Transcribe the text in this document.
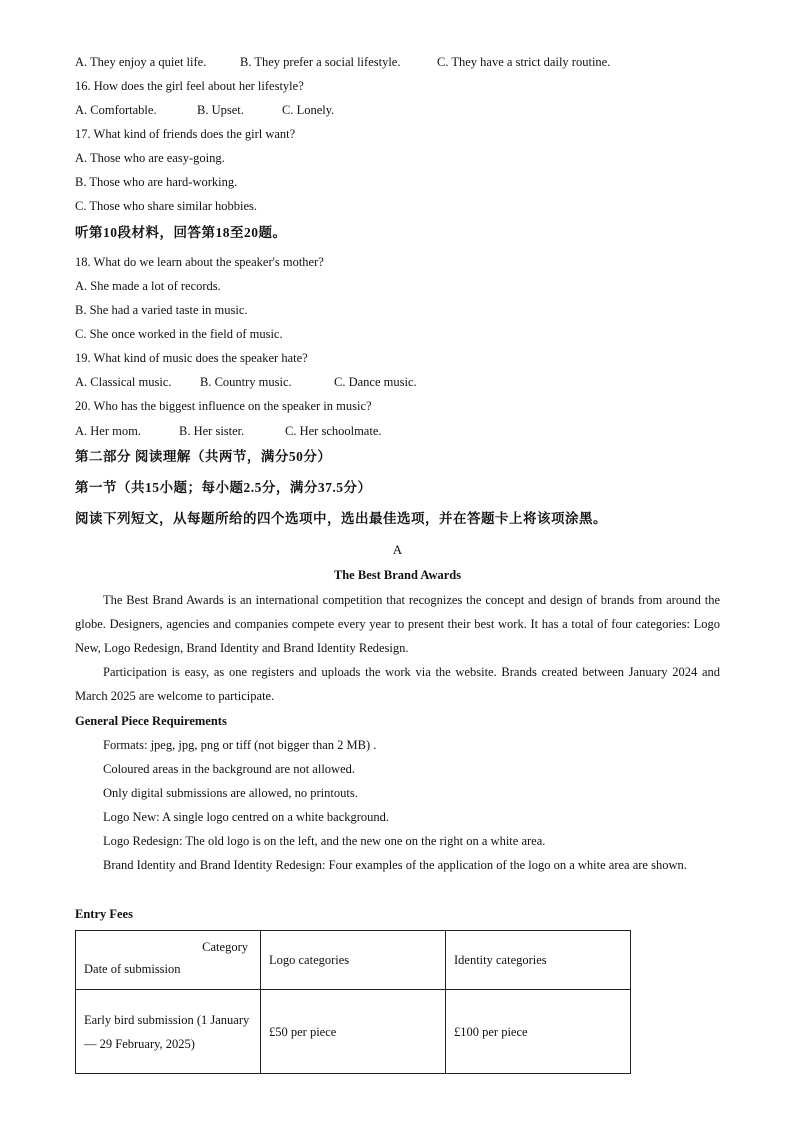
A. They enjoy a quiet life.	B. They prefer a social lifestyle.	C. They have a strict daily routine.
16. How does the girl feel about her lifestyle?
A. Comfortable.	B. Upset.	C. Lonely.
17. What kind of friends does the girl want?
A. Those who are easy-going.
B. Those who are hard-working.
C. Those who share similar hobbies.
听第10段材料，回答第18至20题。
18. What do we learn about the speaker's mother?
A. She made a lot of records.
B. She had a varied taste in music.
C. She once worked in the field of music.
19. What kind of music does the speaker hate?
A. Classical music. B. Country music.	C. Dance music.
20. Who has the biggest influence on the speaker in music?
A. Her mom.	B. Her sister.	C. Her schoolmate.
第二部分 阅读理解（共两节，满分50分）
第一节（共15小题；每小题2.5分，满分37.5分）
阅读下列短文，从每题所给的四个选项中，选出最佳选项，并在答题卡上将该项涂黑。
A
The Best Brand Awards
The Best Brand Awards is an international competition that recognizes the concept and design of brands from around the globe. Designers, agencies and companies compete every year to present their best work. It has a total of four categories: Logo New, Logo Redesign, Brand Identity and Brand Identity Redesign.
Participation is easy, as one registers and uploads the work via the website. Brands created between January 2024 and March 2025 are welcome to participate.
General Piece Requirements
Formats: jpeg, jpg, png or tiff (not bigger than 2 MB) .
Coloured areas in the background are not allowed.
Only digital submissions are allowed, no printouts.
Logo New: A single logo centred on a white background.
Logo Redesign: The old logo is on the left, and the new one on the right on a white area.
Brand Identity and Brand Identity Redesign: Four examples of the application of the logo on a white area are shown.
Entry Fees
Category
Date of submission	Logo categories	Identity categories
Early bird submission (1 January — 29 February, 2025)	£50 per piece	£100 per piece
